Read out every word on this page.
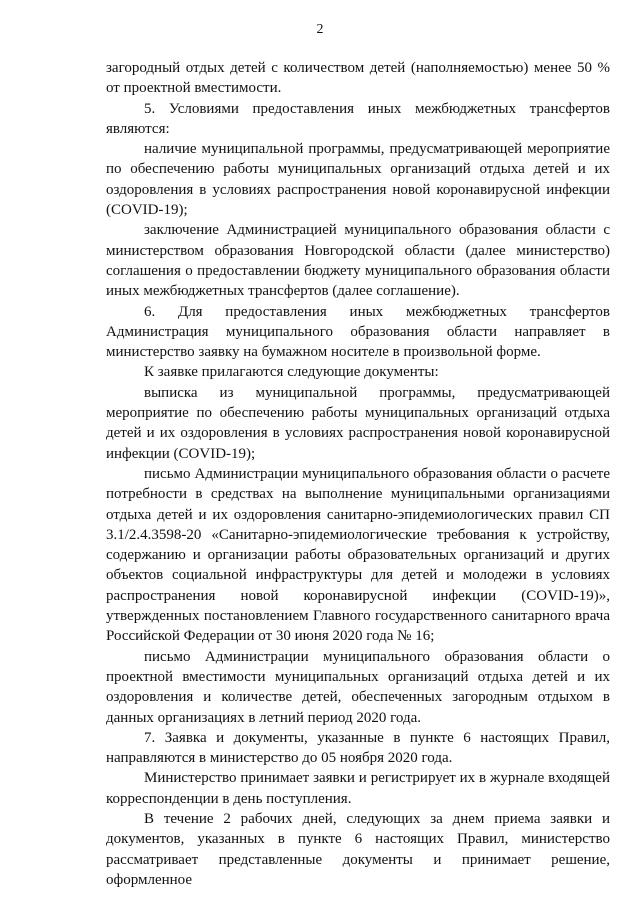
2

загородный отдых детей с количеством детей (наполняемостью) менее 50 % от проектной вместимости.

5. Условиями предоставления иных межбюджетных трансфертов являются:

наличие муниципальной программы, предусматривающей мероприятие по обеспечению работы муниципальных организаций отдыха детей и их оздоровления в условиях распространения новой коронавирусной инфекции (COVID-19);

заключение Администрацией муниципального образования области с министерством образования Новгородской области (далее министерство) соглашения о предоставлении бюджету муниципального образования области иных межбюджетных трансфертов (далее соглашение).

6. Для предоставления иных межбюджетных трансфертов Администрация муниципального образования области направляет в министерство заявку на бумажном носителе в произвольной форме.

К заявке прилагаются следующие документы:

выписка из муниципальной программы, предусматривающей мероприятие по обеспечению работы муниципальных организаций отдыха детей и их оздоровления в условиях распространения новой коронавирусной инфекции (COVID-19);

письмо Администрации муниципального образования области о расчете потребности в средствах на выполнение муниципальными организациями отдыха детей и их оздоровления санитарно-эпидемиологических правил СП 3.1/2.4.3598-20 «Санитарно-эпидемиологические требования к устройству, содержанию и организации работы образовательных организаций и других объектов социальной инфраструктуры для детей и молодежи в условиях распространения новой коронавирусной инфекции (COVID-19)», утвержденных постановлением Главного государственного санитарного врача Российской Федерации от 30 июня 2020 года № 16;

письмо Администрации муниципального образования области о проектной вместимости муниципальных организаций отдыха детей и их оздоровления и количестве детей, обеспеченных загородным отдыхом в данных организациях в летний период 2020 года.

7. Заявка и документы, указанные в пункте 6 настоящих Правил, направляются в министерство до 05 ноября 2020 года.

Министерство принимает заявки и регистрирует их в журнале входящей корреспонденции в день поступления.

В течение 2 рабочих дней, следующих за днем приема заявки и документов, указанных в пункте 6 настоящих Правил, министерство рассматривает представленные документы и принимает решение, оформленное
